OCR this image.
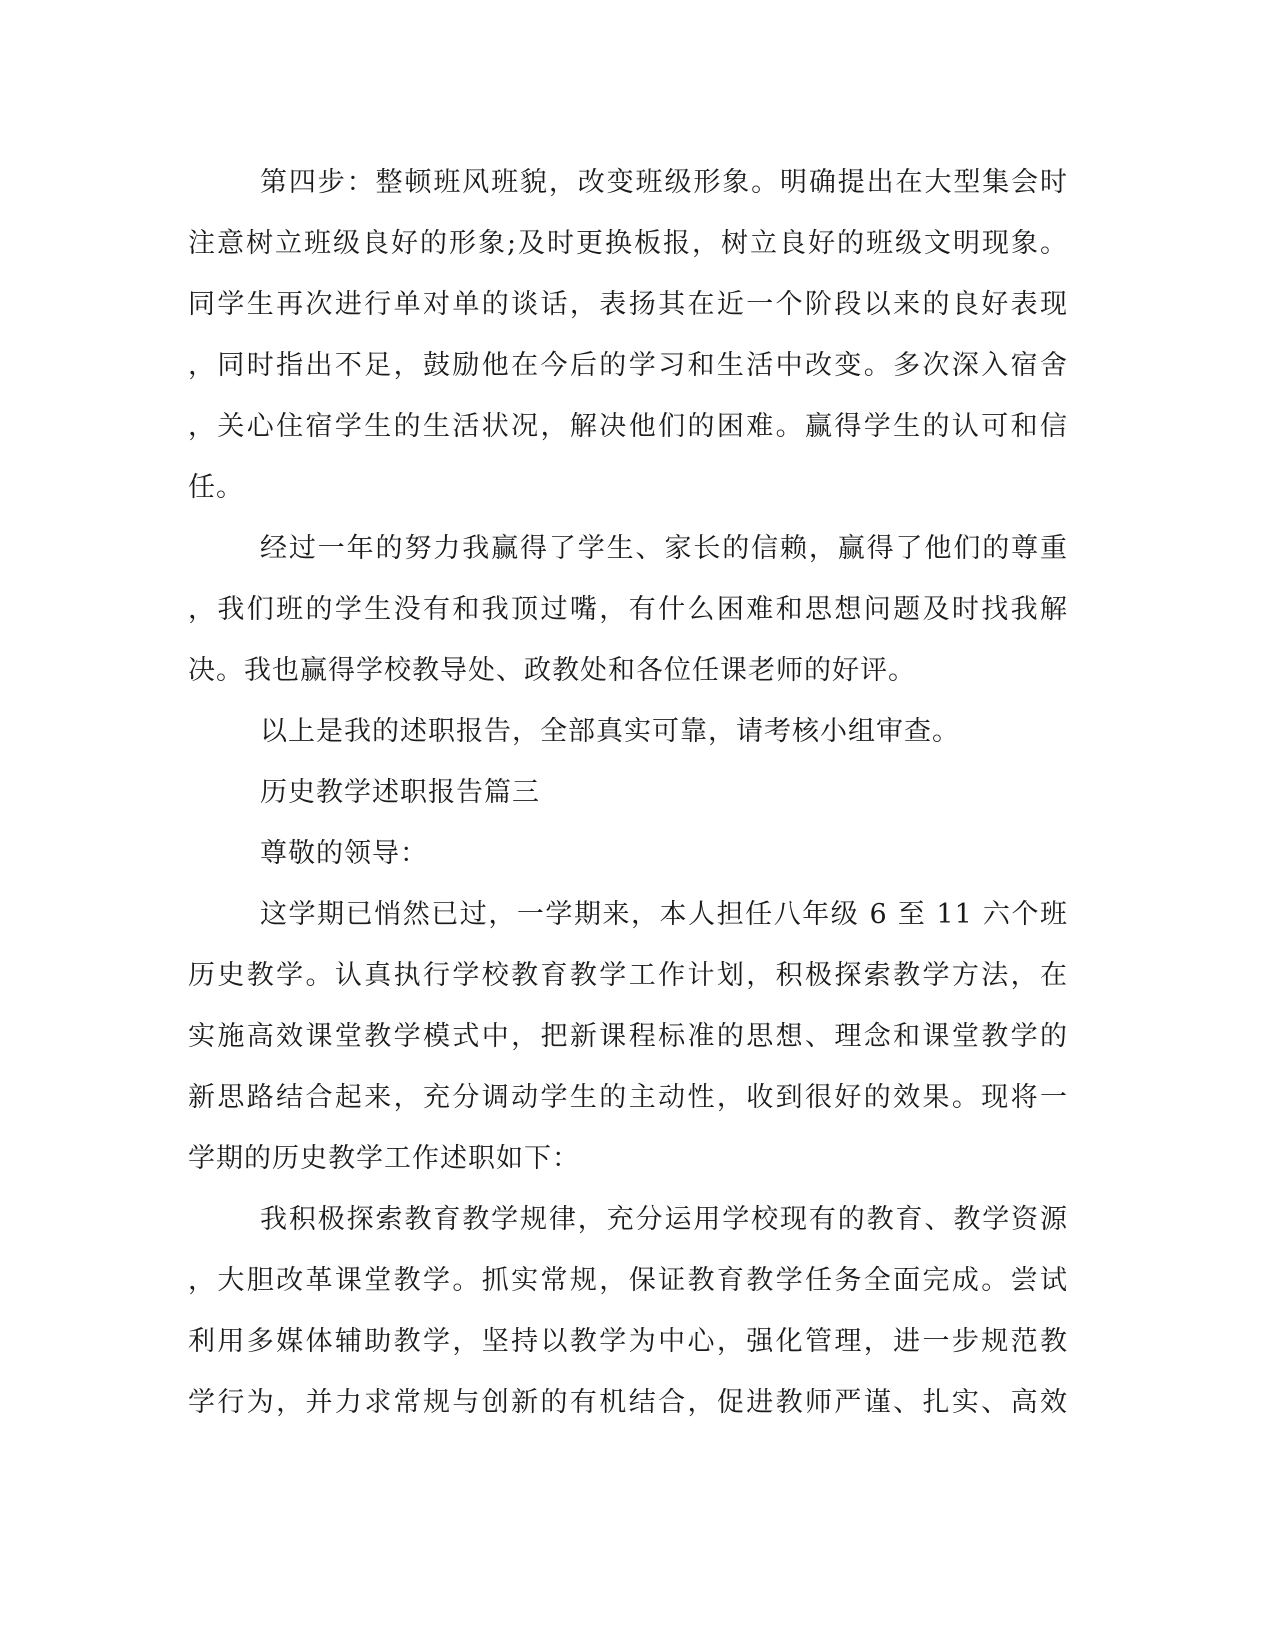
第四步：整顿班风班貌，改变班级形象。明确提出在大型集会时
注意树立班级良好的形象;及时更换板报，树立良好的班级文明现象。
同学生再次进行单对单的谈话，表扬其在近一个阶段以来的良好表现
，同时指出不足，鼓励他在今后的学习和生活中改变。多次深入宿舍
，关心住宿学生的生活状况，解决他们的困难。赢得学生的认可和信
任。
经过一年的努力我赢得了学生、家长的信赖，赢得了他们的尊重
，我们班的学生没有和我顶过嘴，有什么困难和思想问题及时找我解
决。我也赢得学校教导处、政教处和各位任课老师的好评。
以上是我的述职报告，全部真实可靠，请考核小组审查。
历史教学述职报告篇三
尊敬的领导：
这学期已悄然已过，一学期来，本人担任八年级 6 至 11 六个班
历史教学。认真执行学校教育教学工作计划，积极探索教学方法，在
实施高效课堂教学模式中，把新课程标准的思想、理念和课堂教学的
新思路结合起来，充分调动学生的主动性，收到很好的效果。现将一
学期的历史教学工作述职如下：
我积极探索教育教学规律，充分运用学校现有的教育、教学资源
，大胆改革课堂教学。抓实常规，保证教育教学任务全面完成。尝试
利用多媒体辅助教学，坚持以教学为中心，强化管理，进一步规范教
学行为，并力求常规与创新的有机结合，促进教师严谨、扎实、高效
